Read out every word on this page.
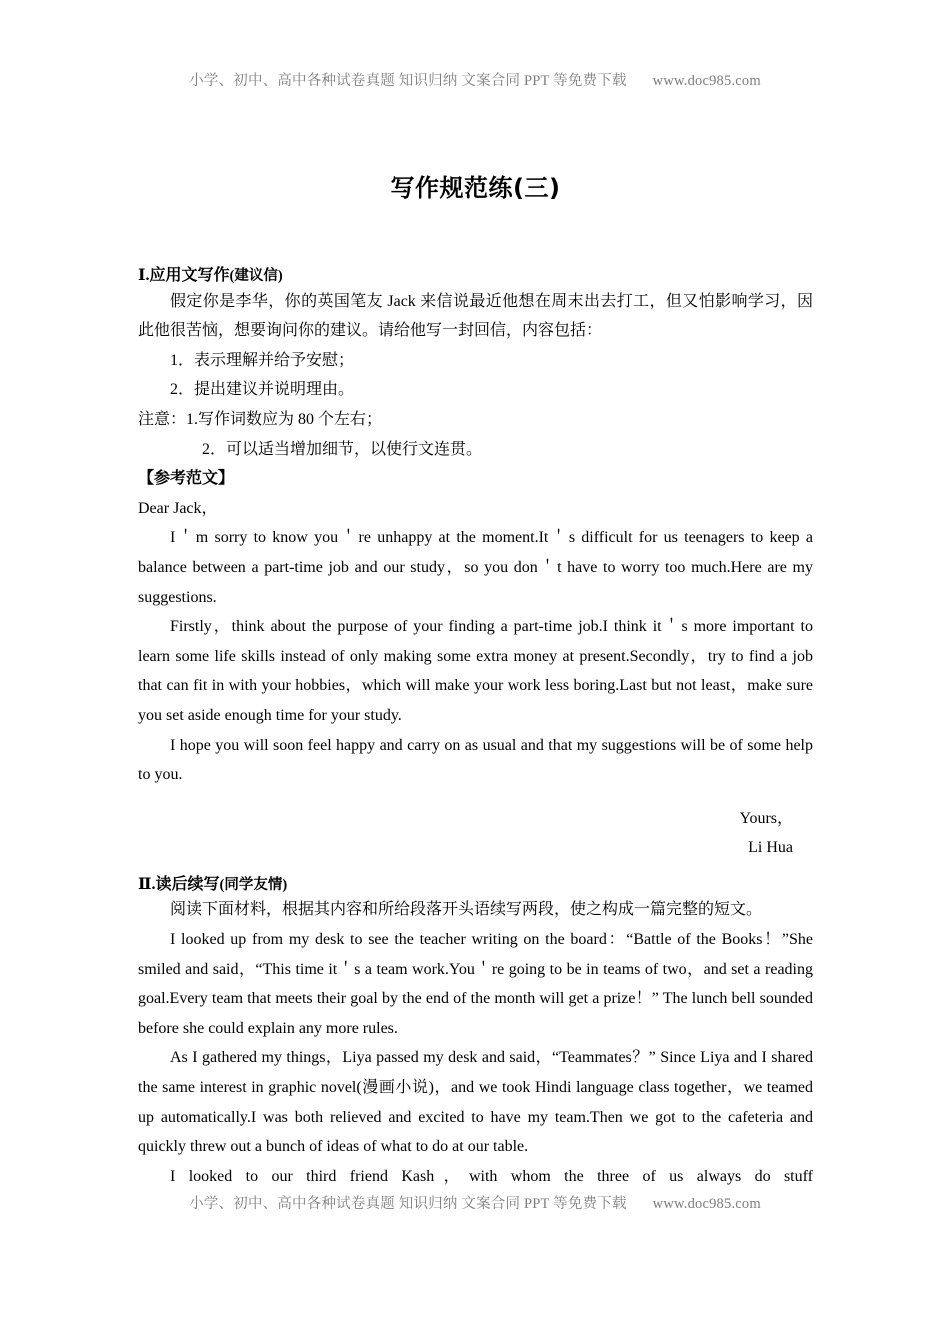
小学、初中、高中各种试卷真题 知识归纳 文案合同 PPT 等免费下载 www.doc985.com
写作规范练(三)

Ⅰ.应用文写作(建议信)

假定你是李华，你的英国笔友 Jack 来信说最近他想在周末出去打工，但又怕影响学习，因此他很苦恼，想要询问你的建议。请给他写一封回信，内容包括：

1．表示理解并给予安慰；

2．提出建议并说明理由。

注意：1.写作词数应为 80 个左右；

2．可以适当增加细节，以使行文连贯。

【参考范文】

Dear Jack，

I＇m sorry to know you＇re unhappy at the moment.It＇s difficult for us teenagers to keep a balance between a part-time job and our study，so you don＇t have to worry too much.Here are my suggestions.

Firstly，think about the purpose of your finding a part-time job.I think it＇s more important to learn some life skills instead of only making some extra money at present.Secondly，try to find a job that can fit in with your hobbies，which will make your work less boring.Last but not least，make sure you set aside enough time for your study.

I hope you will soon feel happy and carry on as usual and that my suggestions will be of some help to you.

Yours，

Li Hua

Ⅱ.读后续写(同学友情)

阅读下面材料，根据其内容和所给段落开头语续写两段，使之构成一篇完整的短文。

I looked up from my desk to see the teacher writing on the board：“Battle of the Books！”She smiled and said，“This time it＇s a team work.You＇re going to be in teams of two，and set a reading goal.Every team that meets their goal by the end of the month will get a prize！” The lunch bell sounded before she could explain any more rules.

As I gathered my things，Liya passed my desk and said，“Teammates？” Since Liya and I shared the same interest in graphic novel(漫画小说)，and we took Hindi language class together，we teamed up automatically.I was both relieved and excited to have my team.Then we got to the cafeteria and quickly threw out a bunch of ideas of what to do at our table.

I looked to our third friend Kash，with whom the three of us always do stuff

小学、初中、高中各种试卷真题 知识归纳 文案合同 PPT 等免费下载 www.doc985.com
